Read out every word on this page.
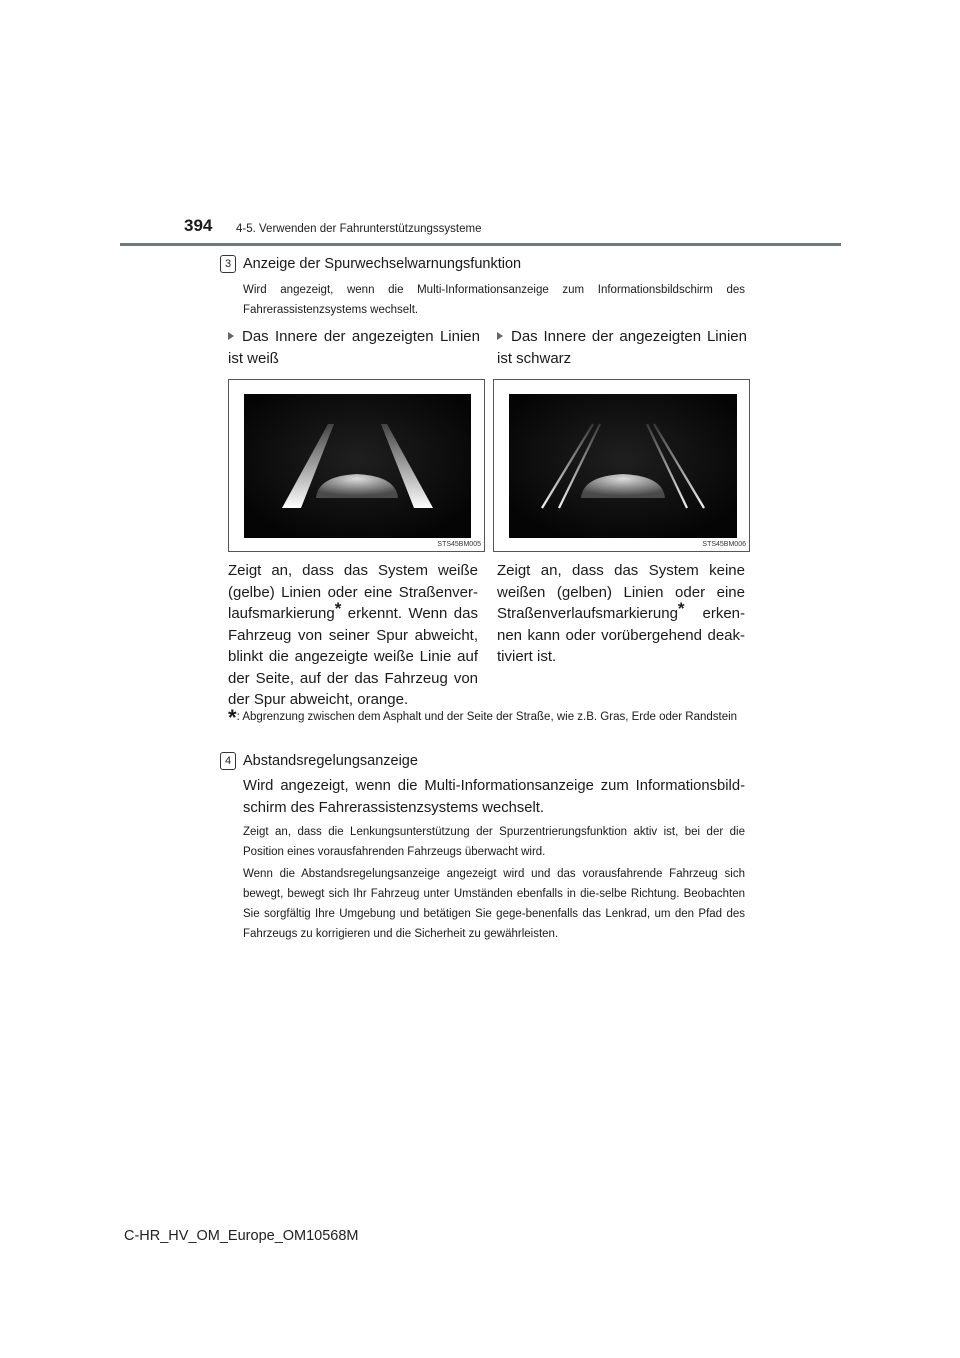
394 4-5. Verwenden der Fahrunterstützungssysteme
3 Anzeige der Spurwechselwarnungsfunktion
Wird angezeigt, wenn die Multi-Informationsanzeige zum Informationsbildschirm des Fahrerassistenzsystems wechselt.
Das Innere der angezeigten Linien ist weiß
Das Innere der angezeigten Linien ist schwarz
STS45BM005	STS45BM006
Zeigt an, dass das System weiße (gelbe) Linien oder eine Straßenver-laufsmarkierung* erkennt. Wenn das Fahrzeug von seiner Spur abweicht, blinkt die angezeigte weiße Linie auf der Seite, auf der das Fahrzeug von der Spur abweicht, orange.
Zeigt an, dass das System keine weißen (gelben) Linien oder eine Straßenverlaufsmarkierung* erken-nen kann oder vorübergehend deak-tiviert ist.
*: Abgrenzung zwischen dem Asphalt und der Seite der Straße, wie z.B. Gras, Erde oder Randstein
4 Abstandsregelungsanzeige
Wird angezeigt, wenn die Multi-Informationsanzeige zum Informationsbild-schirm des Fahrerassistenzsystems wechselt.
Zeigt an, dass die Lenkungsunterstützung der Spurzentrierungsfunktion aktiv ist, bei der die Position eines vorausfahrenden Fahrzeugs überwacht wird.
Wenn die Abstandsregelungsanzeige angezeigt wird und das vorausfahrende Fahrzeug sich bewegt, bewegt sich Ihr Fahrzeug unter Umständen ebenfalls in die-selbe Richtung. Beobachten Sie sorgfältig Ihre Umgebung und betätigen Sie gege-benenfalls das Lenkrad, um den Pfad des Fahrzeugs zu korrigieren und die Sicherheit zu gewährleisten.
C-HR_HV_OM_Europe_OM10568M
